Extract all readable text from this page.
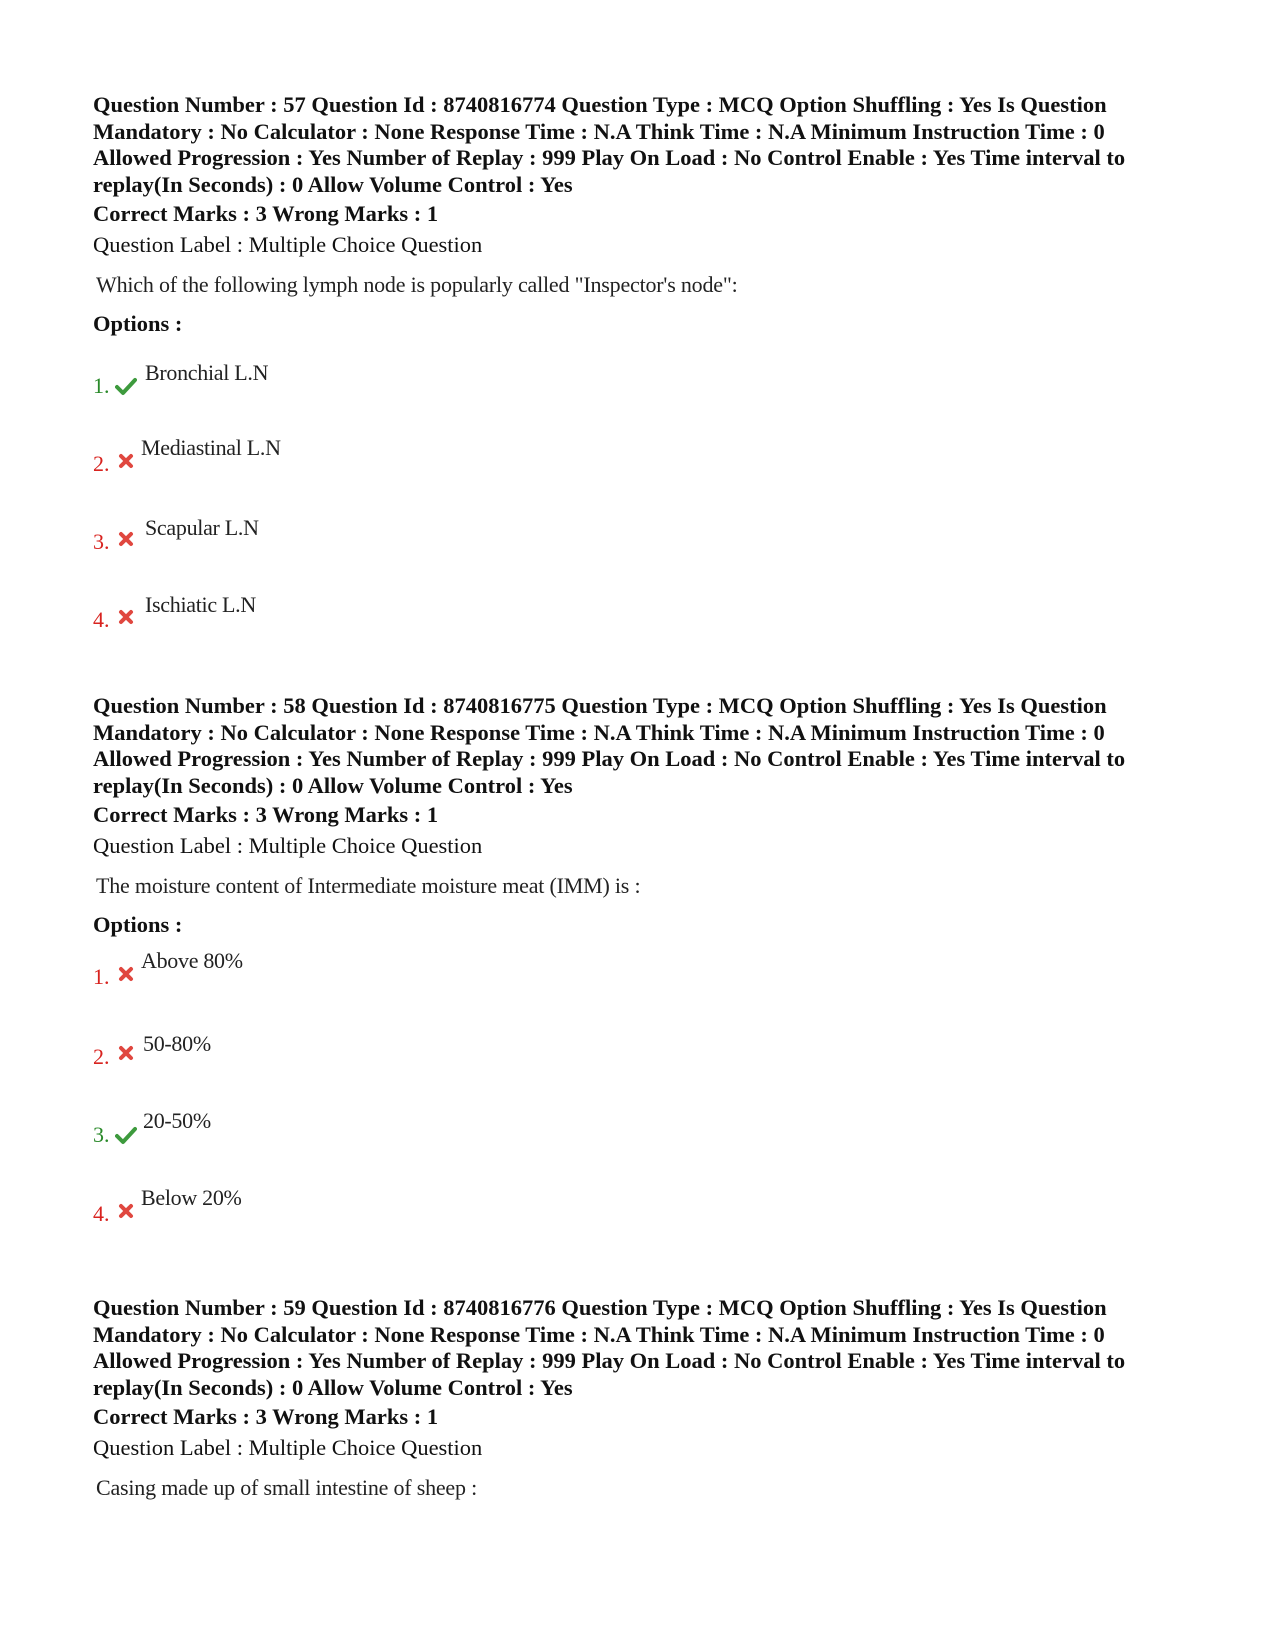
Question Number : 57 Question Id : 8740816774 Question Type : MCQ Option Shuffling : Yes Is Question Mandatory : No Calculator : None Response Time : N.A Think Time : N.A Minimum Instruction Time : 0 Allowed Progression : Yes Number of Replay : 999 Play On Load : No Control Enable : Yes Time interval to replay(In Seconds) : 0 Allow Volume Control : Yes

Correct Marks : 3 Wrong Marks : 1
Question Label : Multiple Choice Question
Which of the following lymph node is popularly called "Inspector's node":
Options :
1.
Bronchial L.N
2.
Mediastinal L.N
3.
Scapular L.N
4.
Ischiatic L.N

Question Number : 58 Question Id : 8740816775 Question Type : MCQ Option Shuffling : Yes Is Question Mandatory : No Calculator : None Response Time : N.A Think Time : N.A Minimum Instruction Time : 0 Allowed Progression : Yes Number of Replay : 999 Play On Load : No Control Enable : Yes Time interval to replay(In Seconds) : 0 Allow Volume Control : Yes

Correct Marks : 3 Wrong Marks : 1
Question Label : Multiple Choice Question
The moisture content of Intermediate moisture meat (IMM) is :
Options :
1.
Above 80%
2.
50-80%
3.
20-50%
4.
Below 20%

Question Number : 59 Question Id : 8740816776 Question Type : MCQ Option Shuffling : Yes Is Question Mandatory : No Calculator : None Response Time : N.A Think Time : N.A Minimum Instruction Time : 0 Allowed Progression : Yes Number of Replay : 999 Play On Load : No Control Enable : Yes Time interval to replay(In Seconds) : 0 Allow Volume Control : Yes

Correct Marks : 3 Wrong Marks : 1
Question Label : Multiple Choice Question
Casing made up of small intestine of sheep :
